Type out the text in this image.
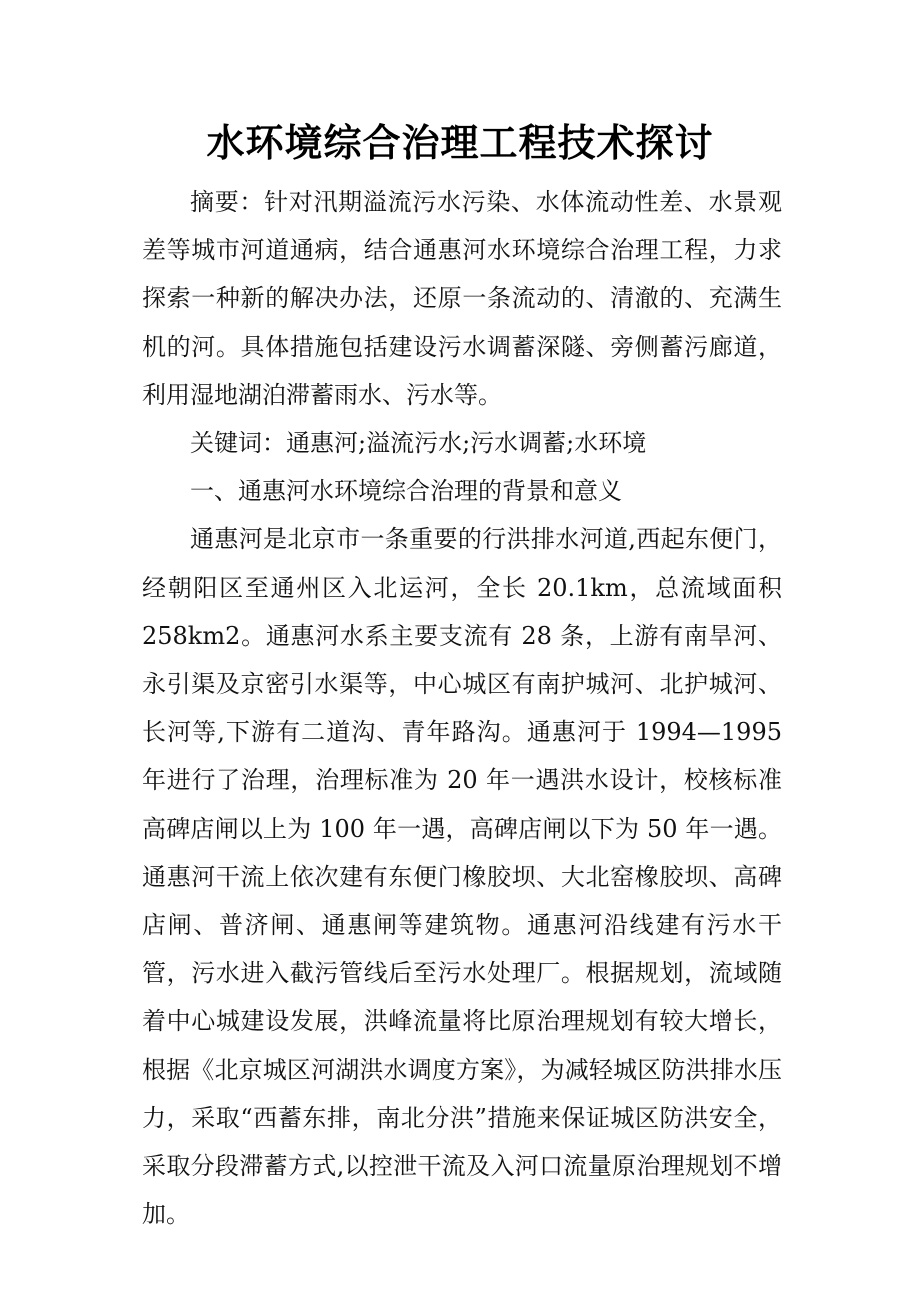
水环境综合治理工程技术探讨

摘要：针对汛期溢流污水污染、水体流动性差、水景观差等城市河道通病，结合通惠河水环境综合治理工程，力求探索一种新的解决办法，还原一条流动的、清澈的、充满生机的河。具体措施包括建设污水调蓄深隧、旁侧蓄污廊道，利用湿地湖泊滞蓄雨水、污水等。

关键词：通惠河;溢流污水;污水调蓄;水环境

一、通惠河水环境综合治理的背景和意义

通惠河是北京市一条重要的行洪排水河道,西起东便门，经朝阳区至通州区入北运河，全长 20.1km，总流域面积258km2。通惠河水系主要支流有 28 条，上游有南旱河、永引渠及京密引水渠等，中心城区有南护城河、北护城河、长河等,下游有二道沟、青年路沟。通惠河于 1994—1995 年进行了治理，治理标准为 20 年一遇洪水设计，校核标准高碑店闸以上为 100 年一遇，高碑店闸以下为 50 年一遇。通惠河干流上依次建有东便门橡胶坝、大北窑橡胶坝、高碑店闸、普济闸、通惠闸等建筑物。通惠河沿线建有污水干管，污水进入截污管线后至污水处理厂。根据规划，流域随着中心城建设发展，洪峰流量将比原治理规划有较大增长，根据《北京城区河湖洪水调度方案》，为减轻城区防洪排水压力，采取“西蓄东排，南北分洪”措施来保证城区防洪安全，采取分段滞蓄方式,以控泄干流及入河口流量原治理规划不增加。
